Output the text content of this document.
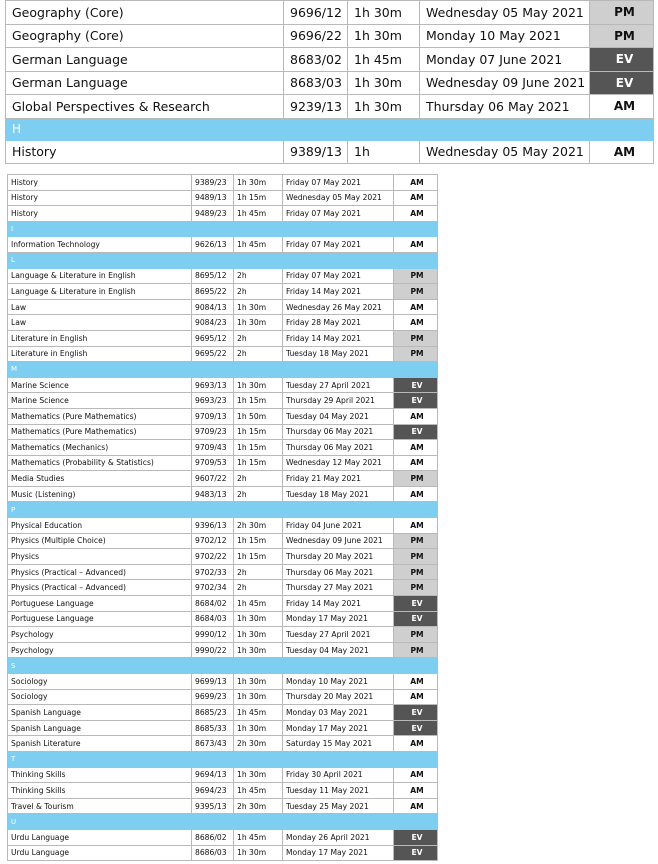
Geography (Core)	9696/12	1h 30m	Wednesday 05 May 2021	PM
Geography (Core)	9696/22	1h 30m	Monday 10 May 2021	PM
German Language	8683/02	1h 45m	Monday 07 June 2021	EV
German Language	8683/03	1h 30m	Wednesday 09 June 2021	EV
Global Perspectives & Research	9239/13	1h 30m	Thursday 06 May 2021	AM
H				
History	9389/13	1h	Wednesday 05 May 2021	AM
History	9389/23	1h 30m	Friday 07 May 2021	AM
History	9489/13	1h 15m	Wednesday 05 May 2021	AM
History	9489/23	1h 45m	Friday 07 May 2021	AM
I				
Information Technology	9626/13	1h 45m	Friday 07 May 2021	AM
L				
Language & Literature in English	8695/12	2h	Friday 07 May 2021	PM
Language & Literature in English	8695/22	2h	Friday 14 May 2021	PM
Law	9084/13	1h 30m	Wednesday 26 May 2021	AM
Law	9084/23	1h 30m	Friday 28 May 2021	AM
Literature in English	9695/12	2h	Friday 14 May 2021	PM
Literature in English	9695/22	2h	Tuesday 18 May 2021	PM
M				
Marine Science	9693/13	1h 30m	Tuesday 27 April 2021	EV
Marine Science	9693/23	1h 15m	Thursday 29 April 2021	EV
Mathematics (Pure Mathematics)	9709/13	1h 50m	Tuesday 04 May 2021	AM
Mathematics (Pure Mathematics)	9709/23	1h 15m	Thursday 06 May 2021	EV
Mathematics (Mechanics)	9709/43	1h 15m	Thursday 06 May 2021	AM
Mathematics (Probability & Statistics)	9709/53	1h 15m	Wednesday 12 May 2021	AM
Media Studies	9607/22	2h	Friday 21 May 2021	PM
Music (Listening)	9483/13	2h	Tuesday 18 May 2021	AM
P				
Physical Education	9396/13	2h 30m	Friday 04 June 2021	AM
Physics (Multiple Choice)	9702/12	1h 15m	Wednesday 09 June 2021	PM
Physics	9702/22	1h 15m	Thursday 20 May 2021	PM
Physics (Practical – Advanced)	9702/33	2h	Thursday 06 May 2021	PM
Physics (Practical – Advanced)	9702/34	2h	Thursday 27 May 2021	PM
Portuguese Language	8684/02	1h 45m	Friday 14 May 2021	EV
Portuguese Language	8684/03	1h 30m	Monday 17 May 2021	EV
Psychology	9990/12	1h 30m	Tuesday 27 April 2021	PM
Psychology	9990/22	1h 30m	Tuesday 04 May 2021	PM
S				
Sociology	9699/13	1h 30m	Monday 10 May 2021	AM
Sociology	9699/23	1h 30m	Thursday 20 May 2021	AM
Spanish Language	8685/23	1h 45m	Monday 03 May 2021	EV
Spanish Language	8685/33	1h 30m	Monday 17 May 2021	EV
Spanish Literature	8673/43	2h 30m	Saturday 15 May 2021	AM
T				
Thinking Skills	9694/13	1h 30m	Friday 30 April 2021	AM
Thinking Skills	9694/23	1h 45m	Tuesday 11 May 2021	AM
Travel & Tourism	9395/13	2h 30m	Tuesday 25 May 2021	AM
U				
Urdu Language	8686/02	1h 45m	Monday 26 April 2021	EV
Urdu Language	8686/03	1h 30m	Monday 17 May 2021	EV
